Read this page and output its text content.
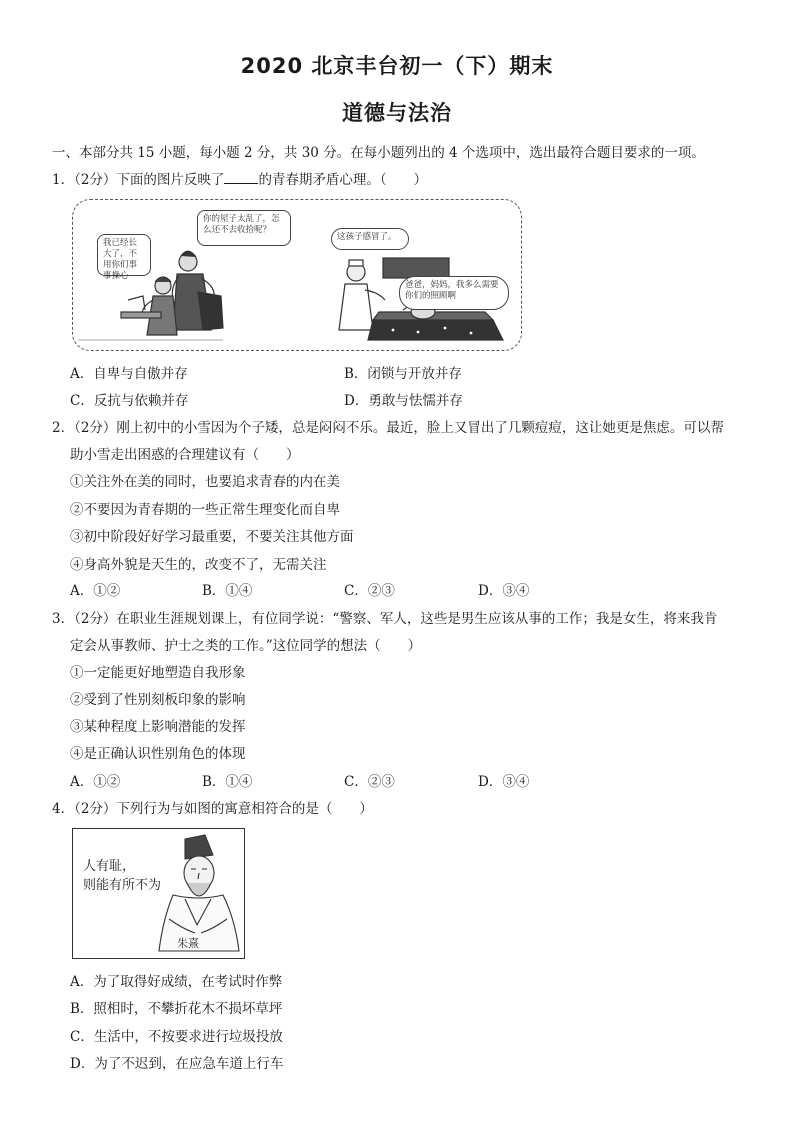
2020 北京丰台初一（下）期末
道德与法治
一、本部分共 15 小题，每小题 2 分，共 30 分。在每小题列出的 4 个选项中，选出最符合题目要求的一项。
1．（2分）下面的图片反映了	的青春期矛盾心理。（　　）
我已经长大了，不用你们事事操心
你的屋子太乱了，怎么还不去收拾呢？
这孩子感冒了。
爸爸，妈妈，我多么需要你们的照顾啊
A．自卑与自傲并存	B．闭锁与开放并存
C．反抗与依赖并存	D．勇敢与怯懦并存
2．（2分）刚上初中的小雪因为个子矮，总是闷闷不乐。最近，脸上又冒出了几颗痘痘，这让她更是焦虑。可以帮
助小雪走出困惑的合理建议有（　　）
①关注外在美的同时，也要追求青春的内在美
②不要因为青春期的一些正常生理变化而自卑
③初中阶段好好学习最重要，不要关注其他方面
④身高外貌是天生的，改变不了，无需关注
A．①②	B．①④	C．②③	D．③④
3．（2分）在职业生涯规划课上，有位同学说：“警察、军人，这些是男生应该从事的工作；我是女生，将来我肯
定会从事教师、护士之类的工作。”这位同学的想法（　　）
①一定能更好地塑造自我形象
②受到了性别刻板印象的影响
③某种程度上影响潜能的发挥
④是正确认识性别角色的体现
A．①②	B．①④	C．②③	D．③④
4．（2分）下列行为与如图的寓意相符合的是（　　）
人有耻，
则能有所不为
朱熹
A．为了取得好成绩，在考试时作弊
B．照相时，不攀折花木不损坏草坪
C．生活中，不按要求进行垃圾投放
D．为了不迟到，在应急车道上行车
